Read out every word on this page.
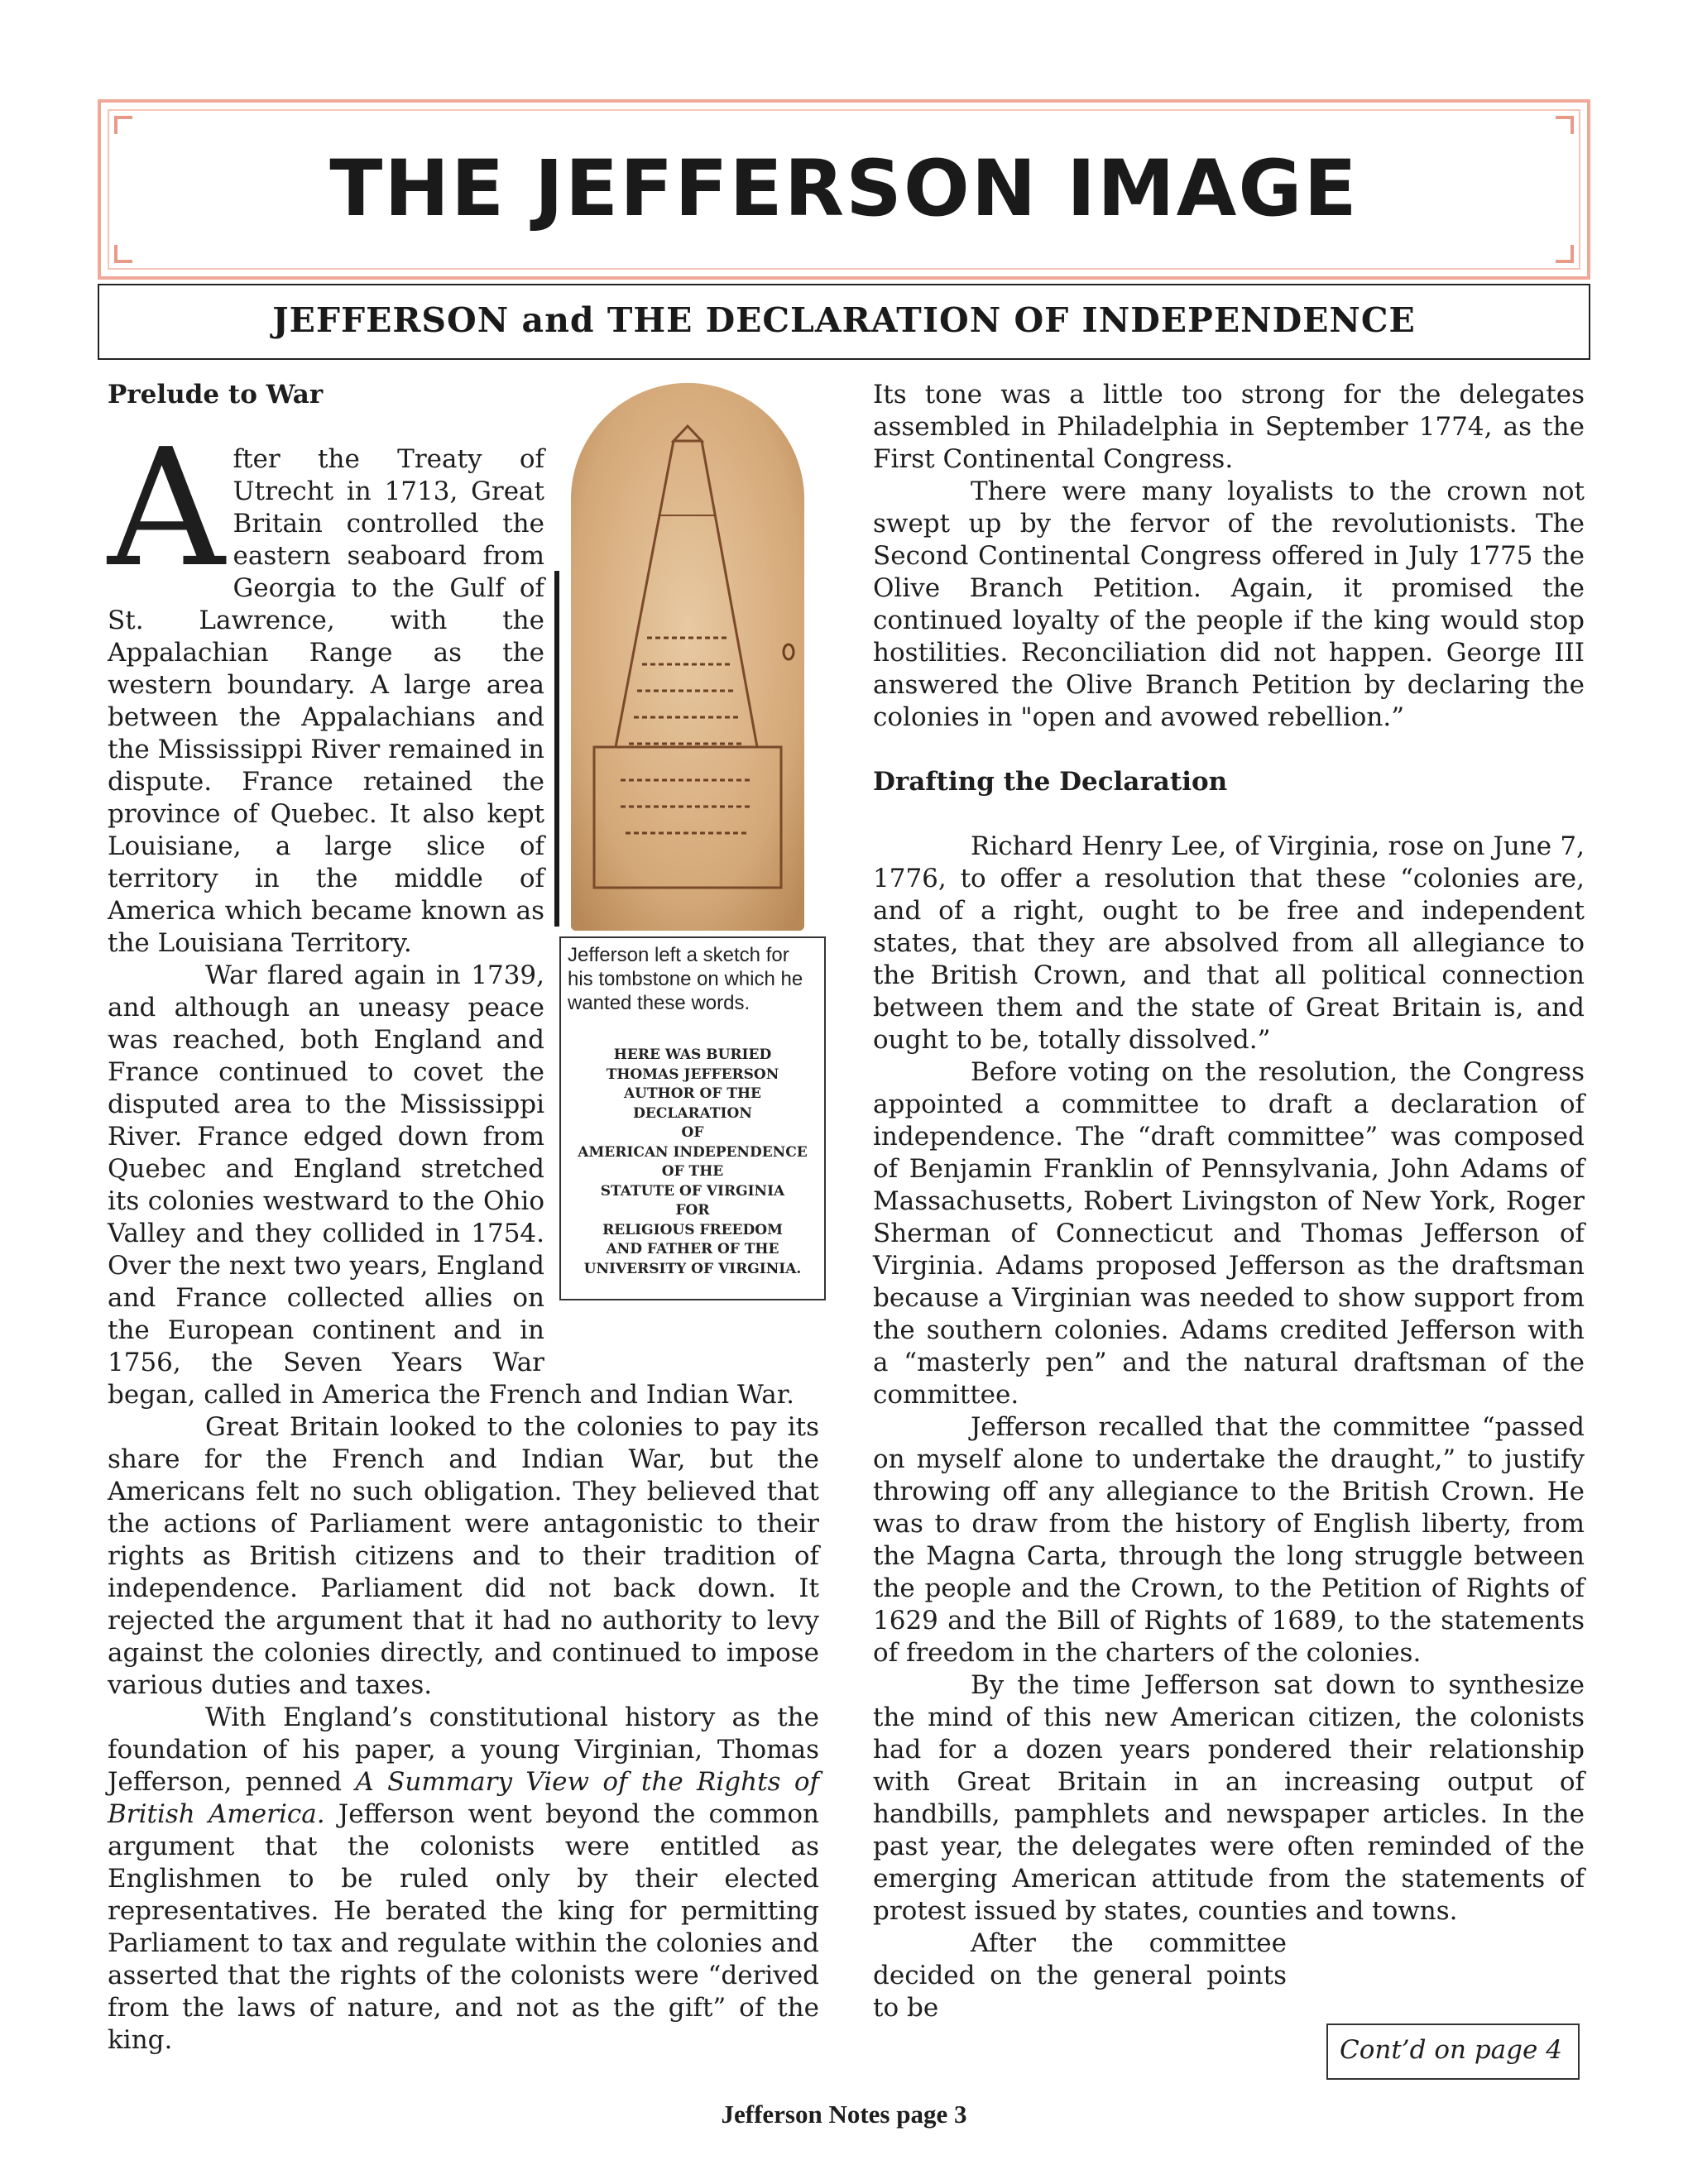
THE JEFFERSON IMAGE
JEFFERSON and THE DECLARATION OF INDEPENDENCE
Prelude to War

After the Treaty of Utrecht in 1713, Great Britain controlled the eastern seaboard from Georgia to the Gulf of St. Lawrence, with the Appalachian Range as the western boundary. A large area between the Appalachians and the Mississippi River remained in dispute. France retained the province of Quebec. It also kept Louisiane, a large slice of territory in the middle of America which became known as the Louisiana Territory.

War flared again in 1739, and although an uneasy peace was reached, both England and France continued to covet the disputed area to the Mississippi River. France edged down from Quebec and England stretched its colonies westward to the Ohio Valley and they collided in 1754. Over the next two years, England and France collected allies on the European continent and in 1756, the Seven Years War began, called in America the French and Indian War.

Great Britain looked to the colonies to pay its share for the French and Indian War, but the Americans felt no such obligation. They believed that the actions of Parliament were antagonistic to their rights as British citizens and to their tradition of independence. Parliament did not back down. It rejected the argument that it had no authority to levy against the colonies directly, and continued to impose various duties and taxes.

With England’s constitutional history as the foundation of his paper, a young Virginian, Thomas Jefferson, penned A Summary View of the Rights of British America. Jefferson went beyond the common argument that the colonists were entitled as Englishmen to be ruled only by their elected representatives. He berated the king for permitting Parliament to tax and regulate within the colonies and asserted that the rights of the colonists were “derived from the laws of nature, and not as the gift” of the king.

Jefferson left a sketch for his tombstone on which he wanted these words.
HERE WAS BURIED
THOMAS JEFFERSON
AUTHOR OF THE
DECLARATION
OF
AMERICAN INDEPENDENCE
OF THE
STATUTE OF VIRGINIA
FOR
RELIGIOUS FREEDOM
AND FATHER OF THE
UNIVERSITY OF VIRGINIA.

Its tone was a little too strong for the delegates assembled in Philadelphia in September 1774, as the First Continental Congress.

There were many loyalists to the crown not swept up by the fervor of the revolutionists. The Second Continental Congress offered in July 1775 the Olive Branch Petition. Again, it promised the continued loyalty of the people if the king would stop hostilities. Reconciliation did not happen. George III answered the Olive Branch Petition by declaring the colonies in "open and avowed rebellion.”

Drafting the Declaration

Richard Henry Lee, of Virginia, rose on June 7, 1776, to offer a resolution that these “colonies are, and of a right, ought to be free and independent states, that they are absolved from all allegiance to the British Crown, and that all political connection between them and the state of Great Britain is, and ought to be, totally dissolved.”

Before voting on the resolution, the Congress appointed a committee to draft a declaration of independence. The “draft committee” was composed of Benjamin Franklin of Pennsylvania, John Adams of Massachusetts, Robert Livingston of New York, Roger Sherman of Connecticut and Thomas Jefferson of Virginia. Adams proposed Jefferson as the draftsman because a Virginian was needed to show support from the southern colonies. Adams credited Jefferson with a “masterly pen” and the natural draftsman of the committee.

Jefferson recalled that the committee “passed on myself alone to undertake the draught,” to justify throwing off any allegiance to the British Crown. He was to draw from the history of English liberty, from the Magna Carta, through the long struggle between the people and the Crown, to the Petition of Rights of 1629 and the Bill of Rights of 1689, to the statements of freedom in the charters of the colonies.

By the time Jefferson sat down to synthesize the mind of this new American citizen, the colonists had for a dozen years pondered their relationship with Great Britain in an increasing output of handbills, pamphlets and newspaper articles. In the past year, the delegates were often reminded of the emerging American attitude from the statements of protest issued by states, counties and towns.

After the committee decided on the general points to be

Cont’d on page 4
Jefferson Notes page 3
